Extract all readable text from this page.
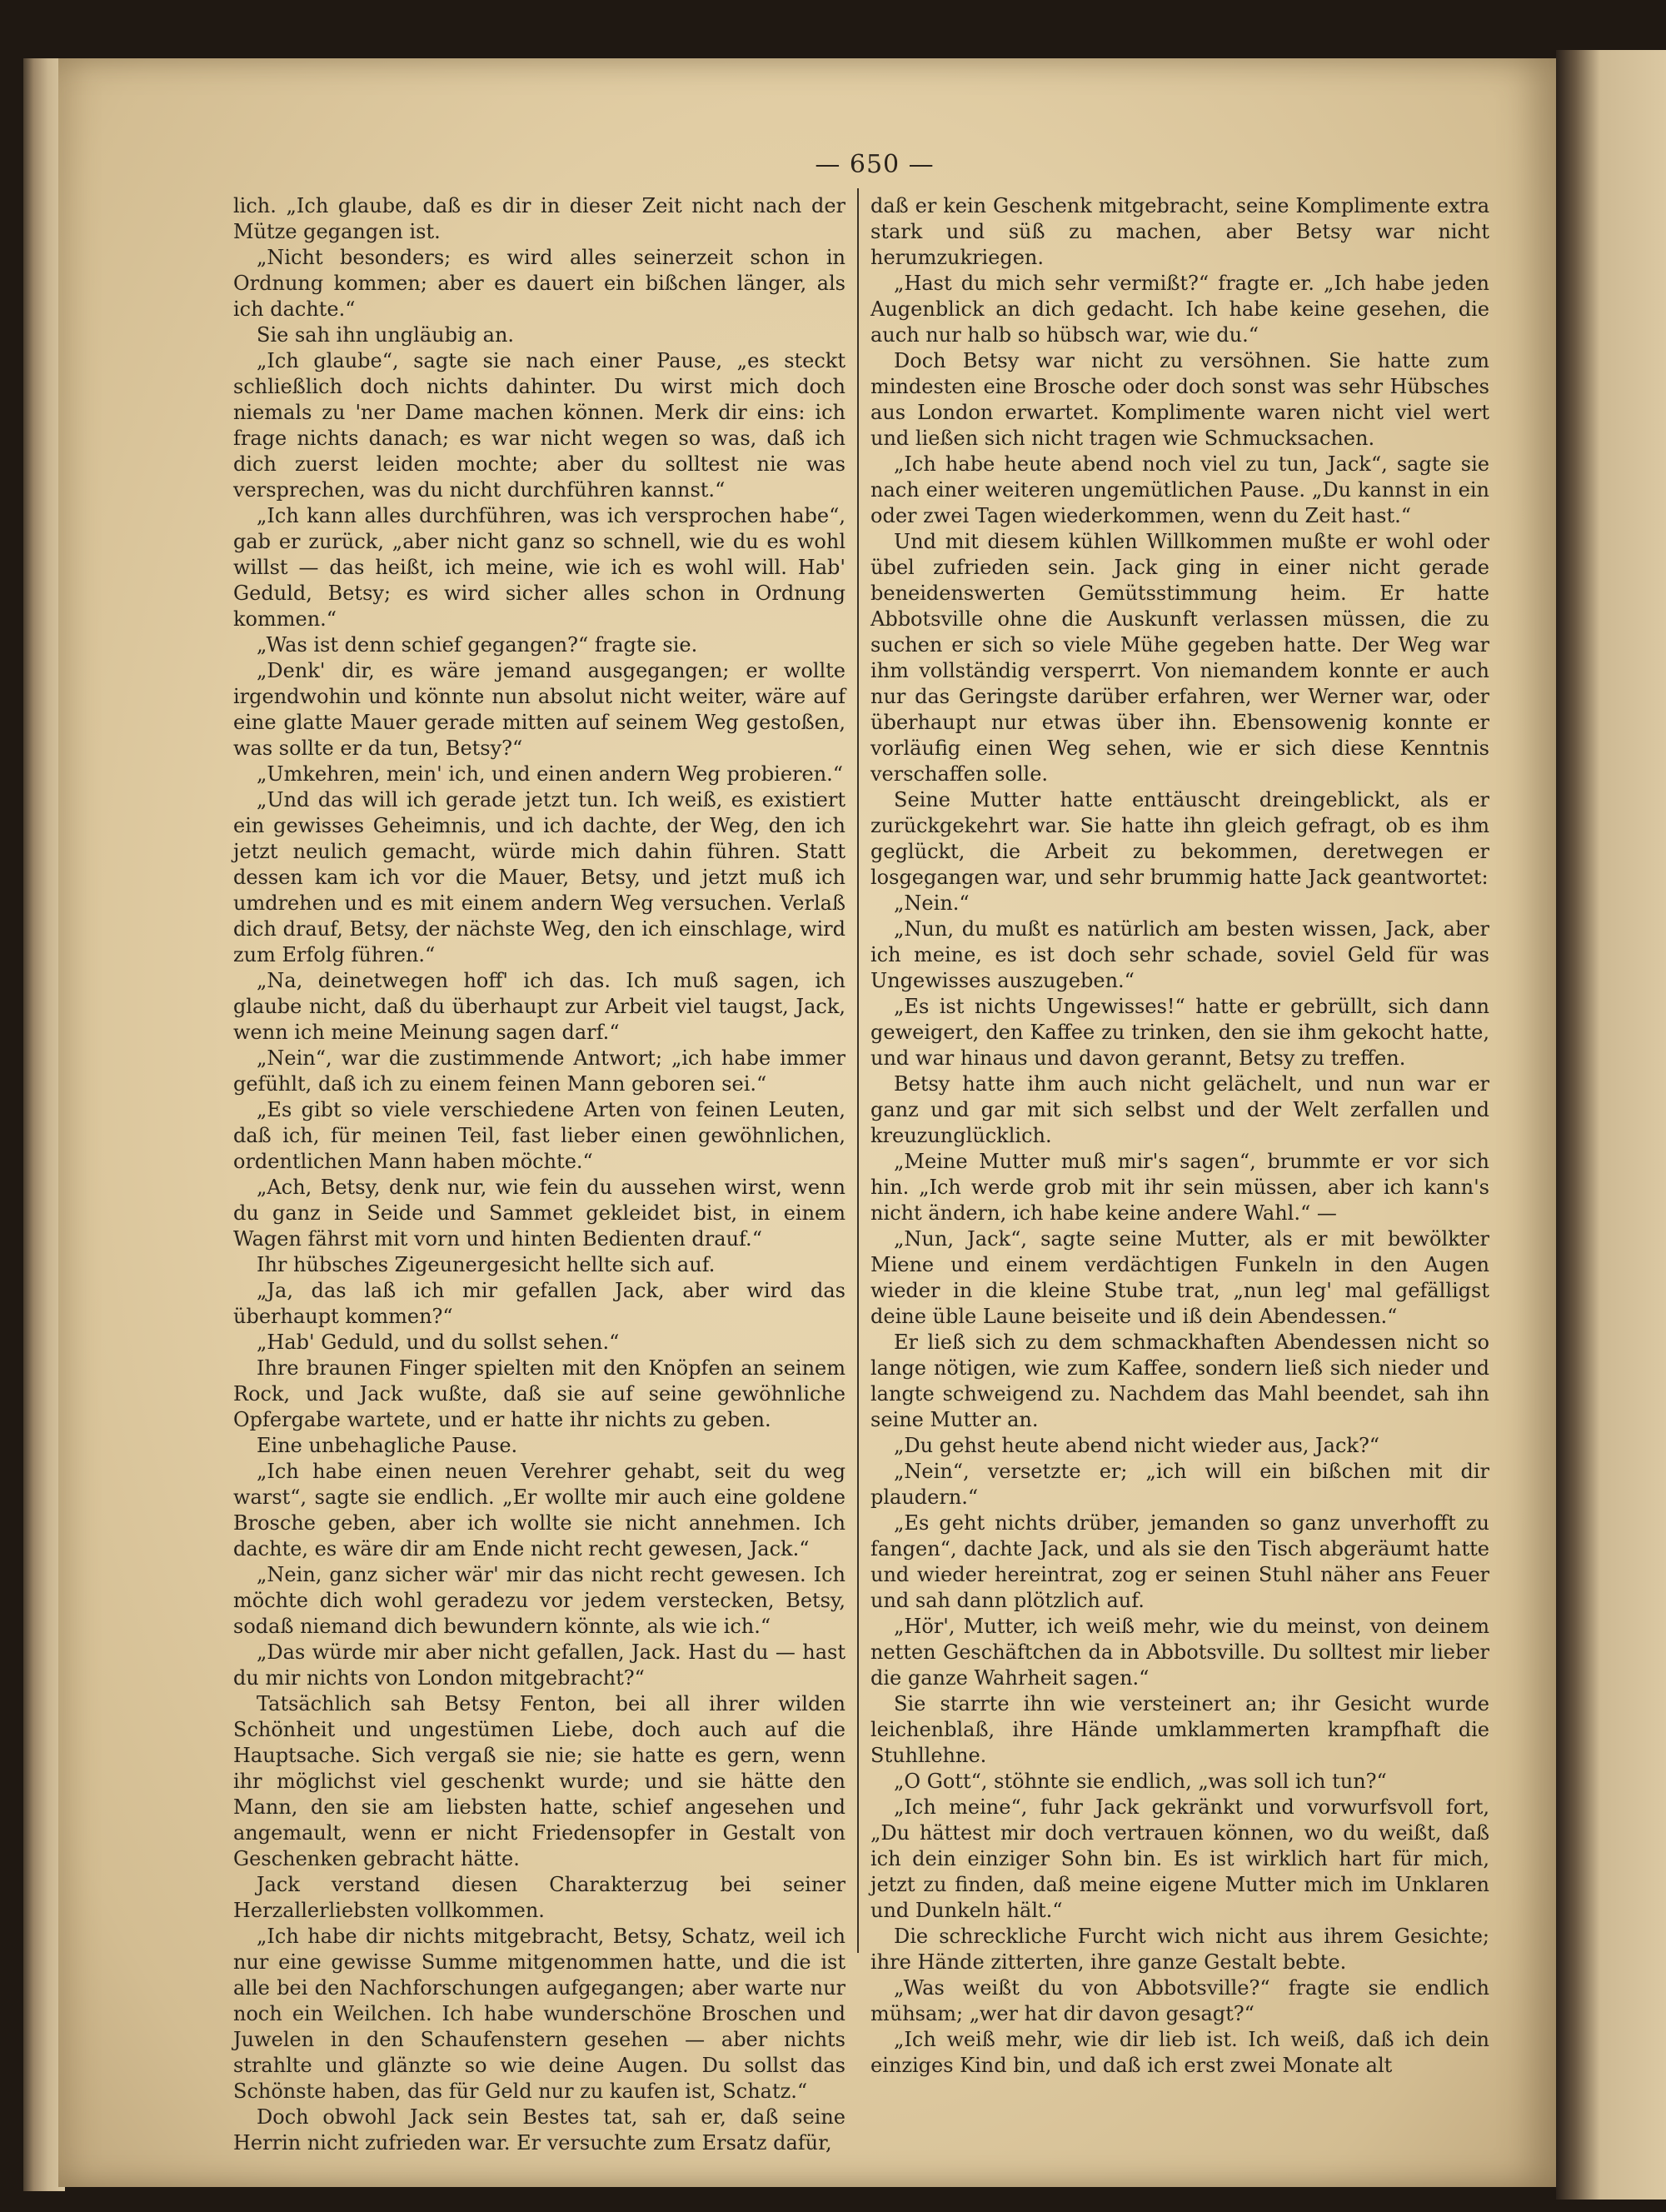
— 650 —

lich. „Ich glaube, daß es dir in dieser Zeit nicht nach der Mütze gegangen ist.

„Nicht besonders; es wird alles seinerzeit schon in Ordnung kommen; aber es dauert ein bißchen länger, als ich dachte.“

Sie sah ihn ungläubig an.

„Ich glaube“, sagte sie nach einer Pause, „es steckt schließlich doch nichts dahinter. Du wirst mich doch niemals zu 'ner Dame machen können. Merk dir eins: ich frage nichts danach; es war nicht wegen so was, daß ich dich zuerst leiden mochte; aber du solltest nie was versprechen, was du nicht durchführen kannst.“

„Ich kann alles durchführen, was ich versprochen habe“, gab er zurück, „aber nicht ganz so schnell, wie du es wohl willst — das heißt, ich meine, wie ich es wohl will. Hab' Geduld, Betsy; es wird sicher alles schon in Ordnung kommen.“

„Was ist denn schief gegangen?“ fragte sie.

„Denk' dir, es wäre jemand ausgegangen; er wollte irgendwohin und könnte nun absolut nicht weiter, wäre auf eine glatte Mauer gerade mitten auf seinem Weg gestoßen, was sollte er da tun, Betsy?“

„Umkehren, mein' ich, und einen andern Weg probieren.“

„Und das will ich gerade jetzt tun. Ich weiß, es existiert ein gewisses Geheimnis, und ich dachte, der Weg, den ich jetzt neulich gemacht, würde mich dahin führen. Statt dessen kam ich vor die Mauer, Betsy, und jetzt muß ich umdrehen und es mit einem andern Weg versuchen. Verlaß dich drauf, Betsy, der nächste Weg, den ich einschlage, wird zum Erfolg führen.“

„Na, deinetwegen hoff' ich das. Ich muß sagen, ich glaube nicht, daß du überhaupt zur Arbeit viel taugst, Jack, wenn ich meine Meinung sagen darf.“

„Nein“, war die zustimmende Antwort; „ich habe immer gefühlt, daß ich zu einem feinen Mann geboren sei.“

„Es gibt so viele verschiedene Arten von feinen Leuten, daß ich, für meinen Teil, fast lieber einen gewöhnlichen, ordentlichen Mann haben möchte.“

„Ach, Betsy, denk nur, wie fein du aussehen wirst, wenn du ganz in Seide und Sammet gekleidet bist, in einem Wagen fährst mit vorn und hinten Bedienten drauf.“

Ihr hübsches Zigeunergesicht hellte sich auf.

„Ja, das laß ich mir gefallen Jack, aber wird das überhaupt kommen?“

„Hab' Geduld, und du sollst sehen.“

Ihre braunen Finger spielten mit den Knöpfen an seinem Rock, und Jack wußte, daß sie auf seine gewöhnliche Opfergabe wartete, und er hatte ihr nichts zu geben.

Eine unbehagliche Pause.

„Ich habe einen neuen Verehrer gehabt, seit du weg warst“, sagte sie endlich. „Er wollte mir auch eine goldene Brosche geben, aber ich wollte sie nicht annehmen. Ich dachte, es wäre dir am Ende nicht recht gewesen, Jack.“

„Nein, ganz sicher wär' mir das nicht recht gewesen. Ich möchte dich wohl geradezu vor jedem verstecken, Betsy, sodaß niemand dich bewundern könnte, als wie ich.“

„Das würde mir aber nicht gefallen, Jack. Hast du — hast du mir nichts von London mitgebracht?“

Tatsächlich sah Betsy Fenton, bei all ihrer wilden Schönheit und ungestümen Liebe, doch auch auf die Hauptsache. Sich vergaß sie nie; sie hatte es gern, wenn ihr möglichst viel geschenkt wurde; und sie hätte den Mann, den sie am liebsten hatte, schief angesehen und angemault, wenn er nicht Friedensopfer in Gestalt von Geschenken gebracht hätte.

Jack verstand diesen Charakterzug bei seiner Herzallerliebsten vollkommen.

„Ich habe dir nichts mitgebracht, Betsy, Schatz, weil ich nur eine gewisse Summe mitgenommen hatte, und die ist alle bei den Nachforschungen aufgegangen; aber warte nur noch ein Weilchen. Ich habe wunderschöne Broschen und Juwelen in den Schaufenstern gesehen — aber nichts strahlte und glänzte so wie deine Augen. Du sollst das Schönste haben, das für Geld nur zu kaufen ist, Schatz.“

Doch obwohl Jack sein Bestes tat, sah er, daß seine Herrin nicht zufrieden war. Er versuchte zum Ersatz dafür,

daß er kein Geschenk mitgebracht, seine Komplimente extra stark und süß zu machen, aber Betsy war nicht herumzukriegen.

„Hast du mich sehr vermißt?“ fragte er. „Ich habe jeden Augenblick an dich gedacht. Ich habe keine gesehen, die auch nur halb so hübsch war, wie du.“

Doch Betsy war nicht zu versöhnen. Sie hatte zum mindesten eine Brosche oder doch sonst was sehr Hübsches aus London erwartet. Komplimente waren nicht viel wert und ließen sich nicht tragen wie Schmucksachen.

„Ich habe heute abend noch viel zu tun, Jack“, sagte sie nach einer weiteren ungemütlichen Pause. „Du kannst in ein oder zwei Tagen wiederkommen, wenn du Zeit hast.“

Und mit diesem kühlen Willkommen mußte er wohl oder übel zufrieden sein. Jack ging in einer nicht gerade beneidenswerten Gemütsstimmung heim. Er hatte Abbotsville ohne die Auskunft verlassen müssen, die zu suchen er sich so viele Mühe gegeben hatte. Der Weg war ihm vollständig versperrt. Von niemandem konnte er auch nur das Geringste darüber erfahren, wer Werner war, oder überhaupt nur etwas über ihn. Ebensowenig konnte er vorläufig einen Weg sehen, wie er sich diese Kenntnis verschaffen solle.

Seine Mutter hatte enttäuscht dreingeblickt, als er zurückgekehrt war. Sie hatte ihn gleich gefragt, ob es ihm geglückt, die Arbeit zu bekommen, deretwegen er losgegangen war, und sehr brummig hatte Jack geantwortet:

„Nein.“

„Nun, du mußt es natürlich am besten wissen, Jack, aber ich meine, es ist doch sehr schade, soviel Geld für was Ungewisses auszugeben.“

„Es ist nichts Ungewisses!“ hatte er gebrüllt, sich dann geweigert, den Kaffee zu trinken, den sie ihm gekocht hatte, und war hinaus und davon gerannt, Betsy zu treffen.

Betsy hatte ihm auch nicht gelächelt, und nun war er ganz und gar mit sich selbst und der Welt zerfallen und kreuzunglücklich.

„Meine Mutter muß mir's sagen“, brummte er vor sich hin. „Ich werde grob mit ihr sein müssen, aber ich kann's nicht ändern, ich habe keine andere Wahl.“ —

„Nun, Jack“, sagte seine Mutter, als er mit bewölkter Miene und einem verdächtigen Funkeln in den Augen wieder in die kleine Stube trat, „nun leg' mal gefälligst deine üble Laune beiseite und iß dein Abendessen.“

Er ließ sich zu dem schmackhaften Abendessen nicht so lange nötigen, wie zum Kaffee, sondern ließ sich nieder und langte schweigend zu. Nachdem das Mahl beendet, sah ihn seine Mutter an.

„Du gehst heute abend nicht wieder aus, Jack?“

„Nein“, versetzte er; „ich will ein bißchen mit dir plaudern.“

„Es geht nichts drüber, jemanden so ganz unverhofft zu fangen“, dachte Jack, und als sie den Tisch abgeräumt hatte und wieder hereintrat, zog er seinen Stuhl näher ans Feuer und sah dann plötzlich auf.

„Hör', Mutter, ich weiß mehr, wie du meinst, von deinem netten Geschäftchen da in Abbotsville. Du solltest mir lieber die ganze Wahrheit sagen.“

Sie starrte ihn wie versteinert an; ihr Gesicht wurde leichenblaß, ihre Hände umklammerten krampfhaft die Stuhllehne.

„O Gott“, stöhnte sie endlich, „was soll ich tun?“

„Ich meine“, fuhr Jack gekränkt und vorwurfsvoll fort, „Du hättest mir doch vertrauen können, wo du weißt, daß ich dein einziger Sohn bin. Es ist wirklich hart für mich, jetzt zu finden, daß meine eigene Mutter mich im Unklaren und Dunkeln hält.“

Die schreckliche Furcht wich nicht aus ihrem Gesichte; ihre Hände zitterten, ihre ganze Gestalt bebte.

„Was weißt du von Abbotsville?“ fragte sie endlich mühsam; „wer hat dir davon gesagt?“

„Ich weiß mehr, wie dir lieb ist. Ich weiß, daß ich dein einziges Kind bin, und daß ich erst zwei Monate alt
